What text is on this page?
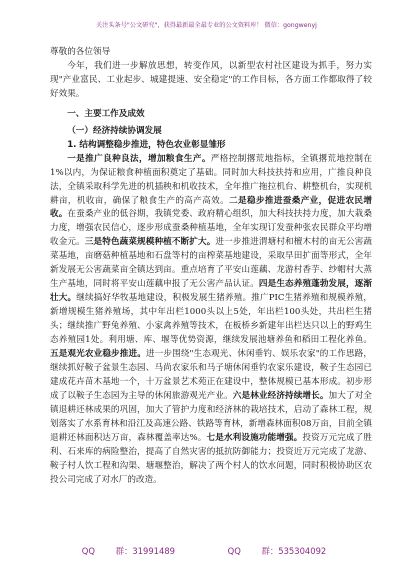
关注头条号"公文研究"，获得最新最全最专业的公文资料库！ 微信：gongwenyj

尊敬的各位领导

今年，我们进一步解放思想，转变作风，以新型农村社区建设为抓手，努力实现"产业富民、工业起步、城建提速、安全稳定"的工作目标，各方面工作都取得了较好效果。

一、主要工作及成效

（一）经济持续协调发展

1. 结构调整稳步推进，特色农业彰显雏形

一是推广良种良法，增加粮食生产。严格控制撂荒地指标，全镇撂荒地控制在1%以内，为保证粮食种植面积奠定了基础。同时加大科技扶持和应用，广推良种良法，全镇采取科学先进的机插秧和机收技术，全年推广拖拉机台、耕整机台，实现机耕亩，机收亩，确保了粮食生产的高产高效。二是稳步推进蚕桑产业，促进农民增收。在蚕桑产业的低谷期，我镇党委、政府精心组织，加大科技扶持力度，加大栽桑力度，增强农民信心，逐步形成蚕桑种植基地，全年实现订发蚕种张农民群众平均增收金元。三是特色蔬菜规模种植不断扩大。进一步推进渭塘村和檀木村的亩无公害蔬菜基地，亩磨菇种植基地和石盘等村的亩榨菜基地建设，采取早田扩面等形式，全年新发展无公害蔬菜亩全镇达到亩。重点培育了平安山莲藕、龙游村香芋、纱帽村大蒸生产基地，同时将平安山莲藕申报了无公害产品认证。四是生态养殖蓬勃发展，逐渐壮大。继续搞好华牧基地建设，积极发展生猪养殖。推广PIC生猪养殖和规模养殖，新增规模生猪养殖场，其中年出栏1000头以上5处，年出栏100头处，共出栏生猪头；继续推广野兔养殖、小家禽养殖等技术，在板桥乡新建年出栏达只以上的野鸡生态养殖园1处。利用塘、库、堰等优势资源，继续发展池塘养鱼和稻田工程化养鱼。五是观光农业稳步推进。进一步围绕"生态观光、休闲垂钓、娱乐农家"的工作思路，继续抓好鞍子盆景生态园、马尚农家乐和马子塘休闲垂钓农家乐建设，鞍子生态园已建成花卉苗木基地一个，十万盆景艺术苑正在建设中，整体规模已基本形成。初步形成了以鞍子生态园为主导的休闲旅游观光产业。六是林业经济持续增长。加大了对全镇退耕还林成果的巩固，加大了管护力度和经济林的栽培技术，启动了森林工程，规划落实了水系育林和沿江及高速公路、铁路等育林，新增森林面积08万亩，目前全镇退耕还林面积达万亩，森林覆盖率达%。七是水利设施功能增强。投资万元完成了胜利、石来库的病险整治，提高了自然灾害的抵抗防御能力；投资近万元完成了龙游、鞍子村人饮工程和沟渠、塘堰整治，解决了两个村人的饮水问题，同时积极协助区农投公司完成了对水厂的改造。

QQ 群：31991489	QQ 群：535304092
